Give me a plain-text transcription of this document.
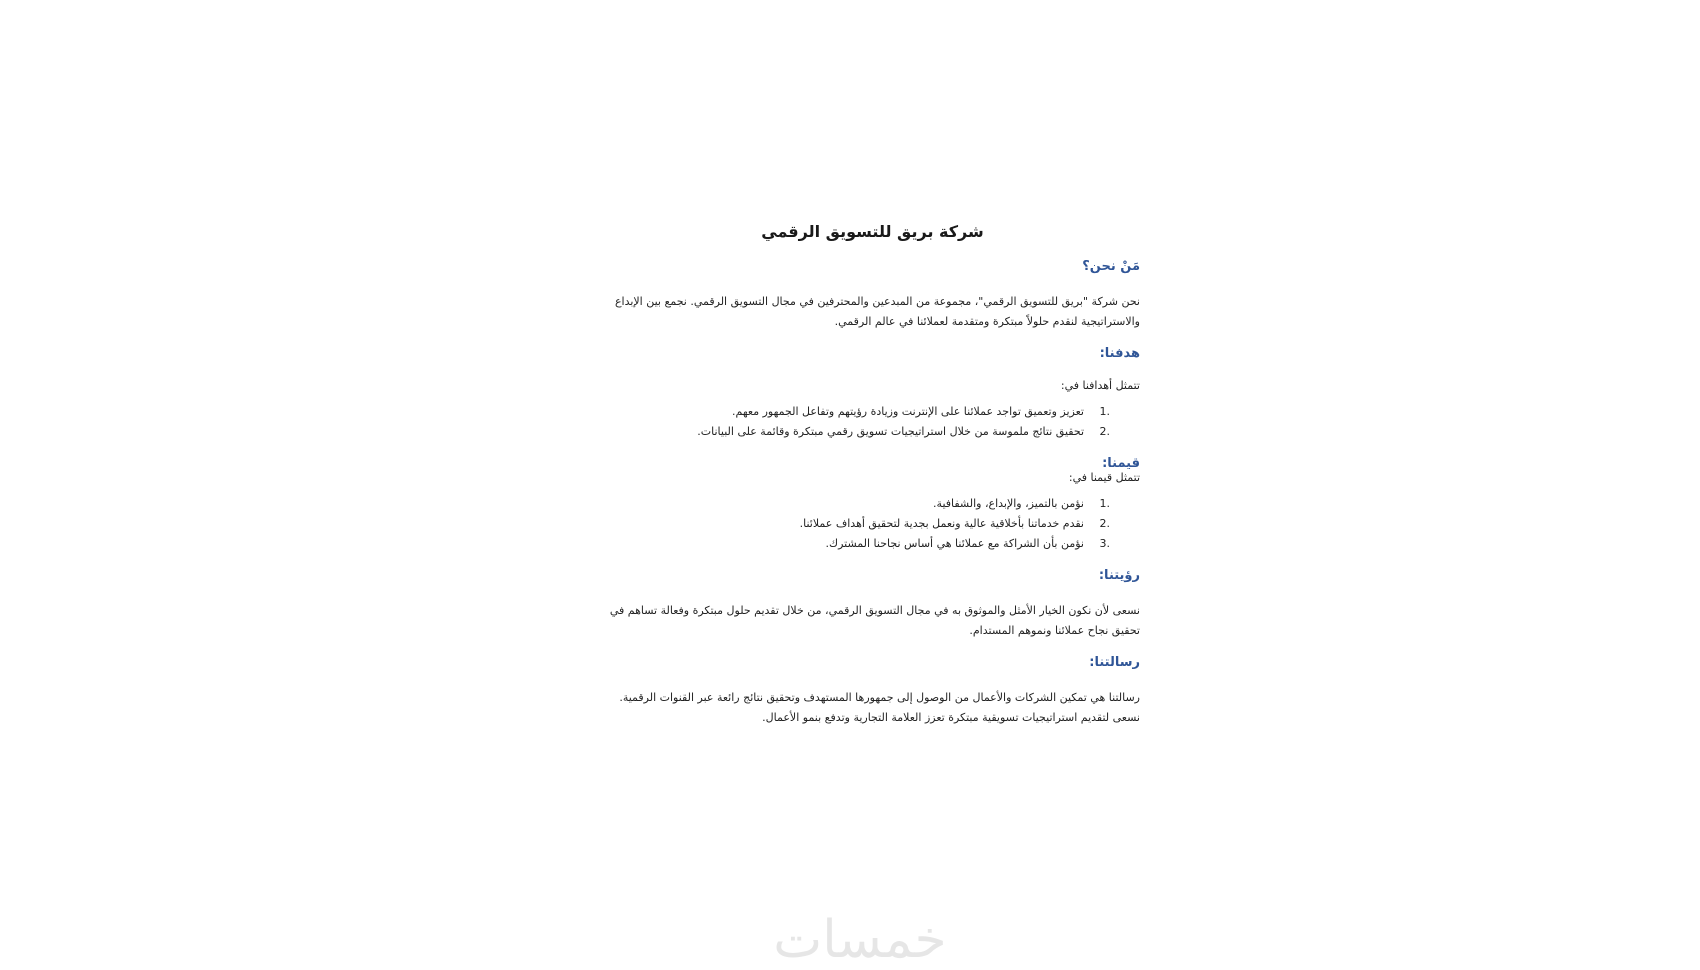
شركة بريق للتسويق الرقمي
مَنْ نحن؟

نحن شركة "بريق للتسويق الرقمي"، مجموعة من المبدعين والمحترفين في مجال التسويق الرقمي. نجمع بين الإبداع والاستراتيجية لنقدم حلولاً مبتكرة ومتقدمة لعملائنا في عالم الرقمي.

هدفنا:

تتمثل أهدافنا في:

.1تعزيز وتعميق تواجد عملائنا على الإنترنت وزيادة رؤيتهم وتفاعل الجمهور معهم.
.2تحقيق نتائج ملموسة من خلال استراتيجيات تسويق رقمي مبتكرة وقائمة على البيانات.
قيمنا:

تتمثل قيمنا في:

.1نؤمن بالتميز، والإبداع، والشفافية.
.2نقدم خدماتنا بأخلاقية عالية ونعمل بجدية لتحقيق أهداف عملائنا.
.3نؤمن بأن الشراكة مع عملائنا هي أساس نجاحنا المشترك.
رؤيتنا:

نسعى لأن نكون الخيار الأمثل والموثوق به في مجال التسويق الرقمي، من خلال تقديم حلول مبتكرة وفعالة تساهم في تحقيق نجاح عملائنا ونموهم المستدام.

رسالتنا:

رسالتنا هي تمكين الشركات والأعمال من الوصول إلى جمهورها المستهدف وتحقيق نتائج رائعة عبر القنوات الرقمية. نسعى لتقديم استراتيجيات تسويقية مبتكرة تعزز العلامة التجارية وتدفع بنمو الأعمال.

خمسات
